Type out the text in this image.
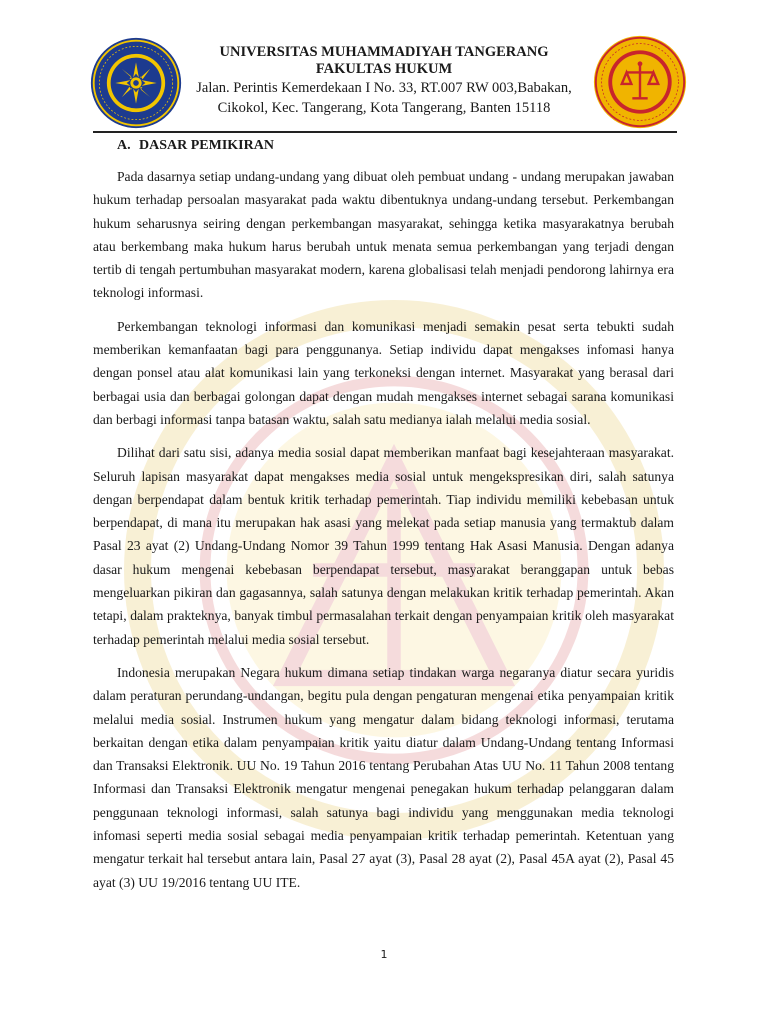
UNIVERSITAS MUHAMMADIYAH TANGERANG
FAKULTAS HUKUM
Jalan. Perintis Kemerdekaan I No. 33, RT.007 RW 003,Babakan,
Cikokol, Kec. Tangerang, Kota Tangerang, Banten 15118
A. DASAR PEMIKIRAN

Pada dasarnya setiap undang-undang yang dibuat oleh pembuat undang - undang merupakan jawaban hukum terhadap persoalan masyarakat pada waktu dibentuknya undang-undang tersebut. Perkembangan hukum seharusnya seiring dengan perkembangan masyarakat, sehingga ketika masyarakatnya berubah atau berkembang maka hukum harus berubah untuk menata semua perkembangan yang terjadi dengan tertib di tengah pertumbuhan masyarakat modern, karena globalisasi telah menjadi pendorong lahirnya era teknologi informasi.

Perkembangan teknologi informasi dan komunikasi menjadi semakin pesat serta tebukti sudah memberikan kemanfaatan bagi para penggunanya. Setiap individu dapat mengakses infomasi hanya dengan ponsel atau alat komunikasi lain yang terkoneksi dengan internet. Masyarakat yang berasal dari berbagai usia dan berbagai golongan dapat dengan mudah mengakses internet sebagai sarana komunikasi dan berbagi informasi tanpa batasan waktu, salah satu medianya ialah melalui media sosial.

Dilihat dari satu sisi, adanya media sosial dapat memberikan manfaat bagi kesejahteraan masyarakat. Seluruh lapisan masyarakat dapat mengakses media sosial untuk mengekspresikan diri, salah satunya dengan berpendapat dalam bentuk kritik terhadap pemerintah. Tiap individu memiliki kebebasan untuk berpendapat, di mana itu merupakan hak asasi yang melekat pada setiap manusia yang termaktub dalam Pasal 23 ayat (2) Undang-Undang Nomor 39 Tahun 1999 tentang Hak Asasi Manusia. Dengan adanya dasar hukum mengenai kebebasan berpendapat tersebut, masyarakat beranggapan untuk bebas mengeluarkan pikiran dan gagasannya, salah satunya dengan melakukan kritik terhadap pemerintah. Akan tetapi, dalam prakteknya, banyak timbul permasalahan terkait dengan penyampaian kritik oleh masyarakat terhadap pemerintah melalui media sosial tersebut.

Indonesia merupakan Negara hukum dimana setiap tindakan warga negaranya diatur secara yuridis dalam peraturan perundang-undangan, begitu pula dengan pengaturan mengenai etika penyampaian kritik melalui media sosial. Instrumen hukum yang mengatur dalam bidang teknologi informasi, terutama berkaitan dengan etika dalam penyampaian kritik yaitu diatur dalam Undang-Undang tentang Informasi dan Transaksi Elektronik. UU No. 19 Tahun 2016 tentang Perubahan Atas UU No. 11 Tahun 2008 tentang Informasi dan Transaksi Elektronik mengatur mengenai penegakan hukum terhadap pelanggaran dalam penggunaan teknologi informasi, salah satunya bagi individu yang menggunakan media teknologi infomasi seperti media sosial sebagai media penyampaian kritik terhadap pemerintah. Ketentuan yang mengatur terkait hal tersebut antara lain, Pasal 27 ayat (3), Pasal 28 ayat (2), Pasal 45A ayat (2), Pasal 45 ayat (3) UU 19/2016 tentang UU ITE.

1
